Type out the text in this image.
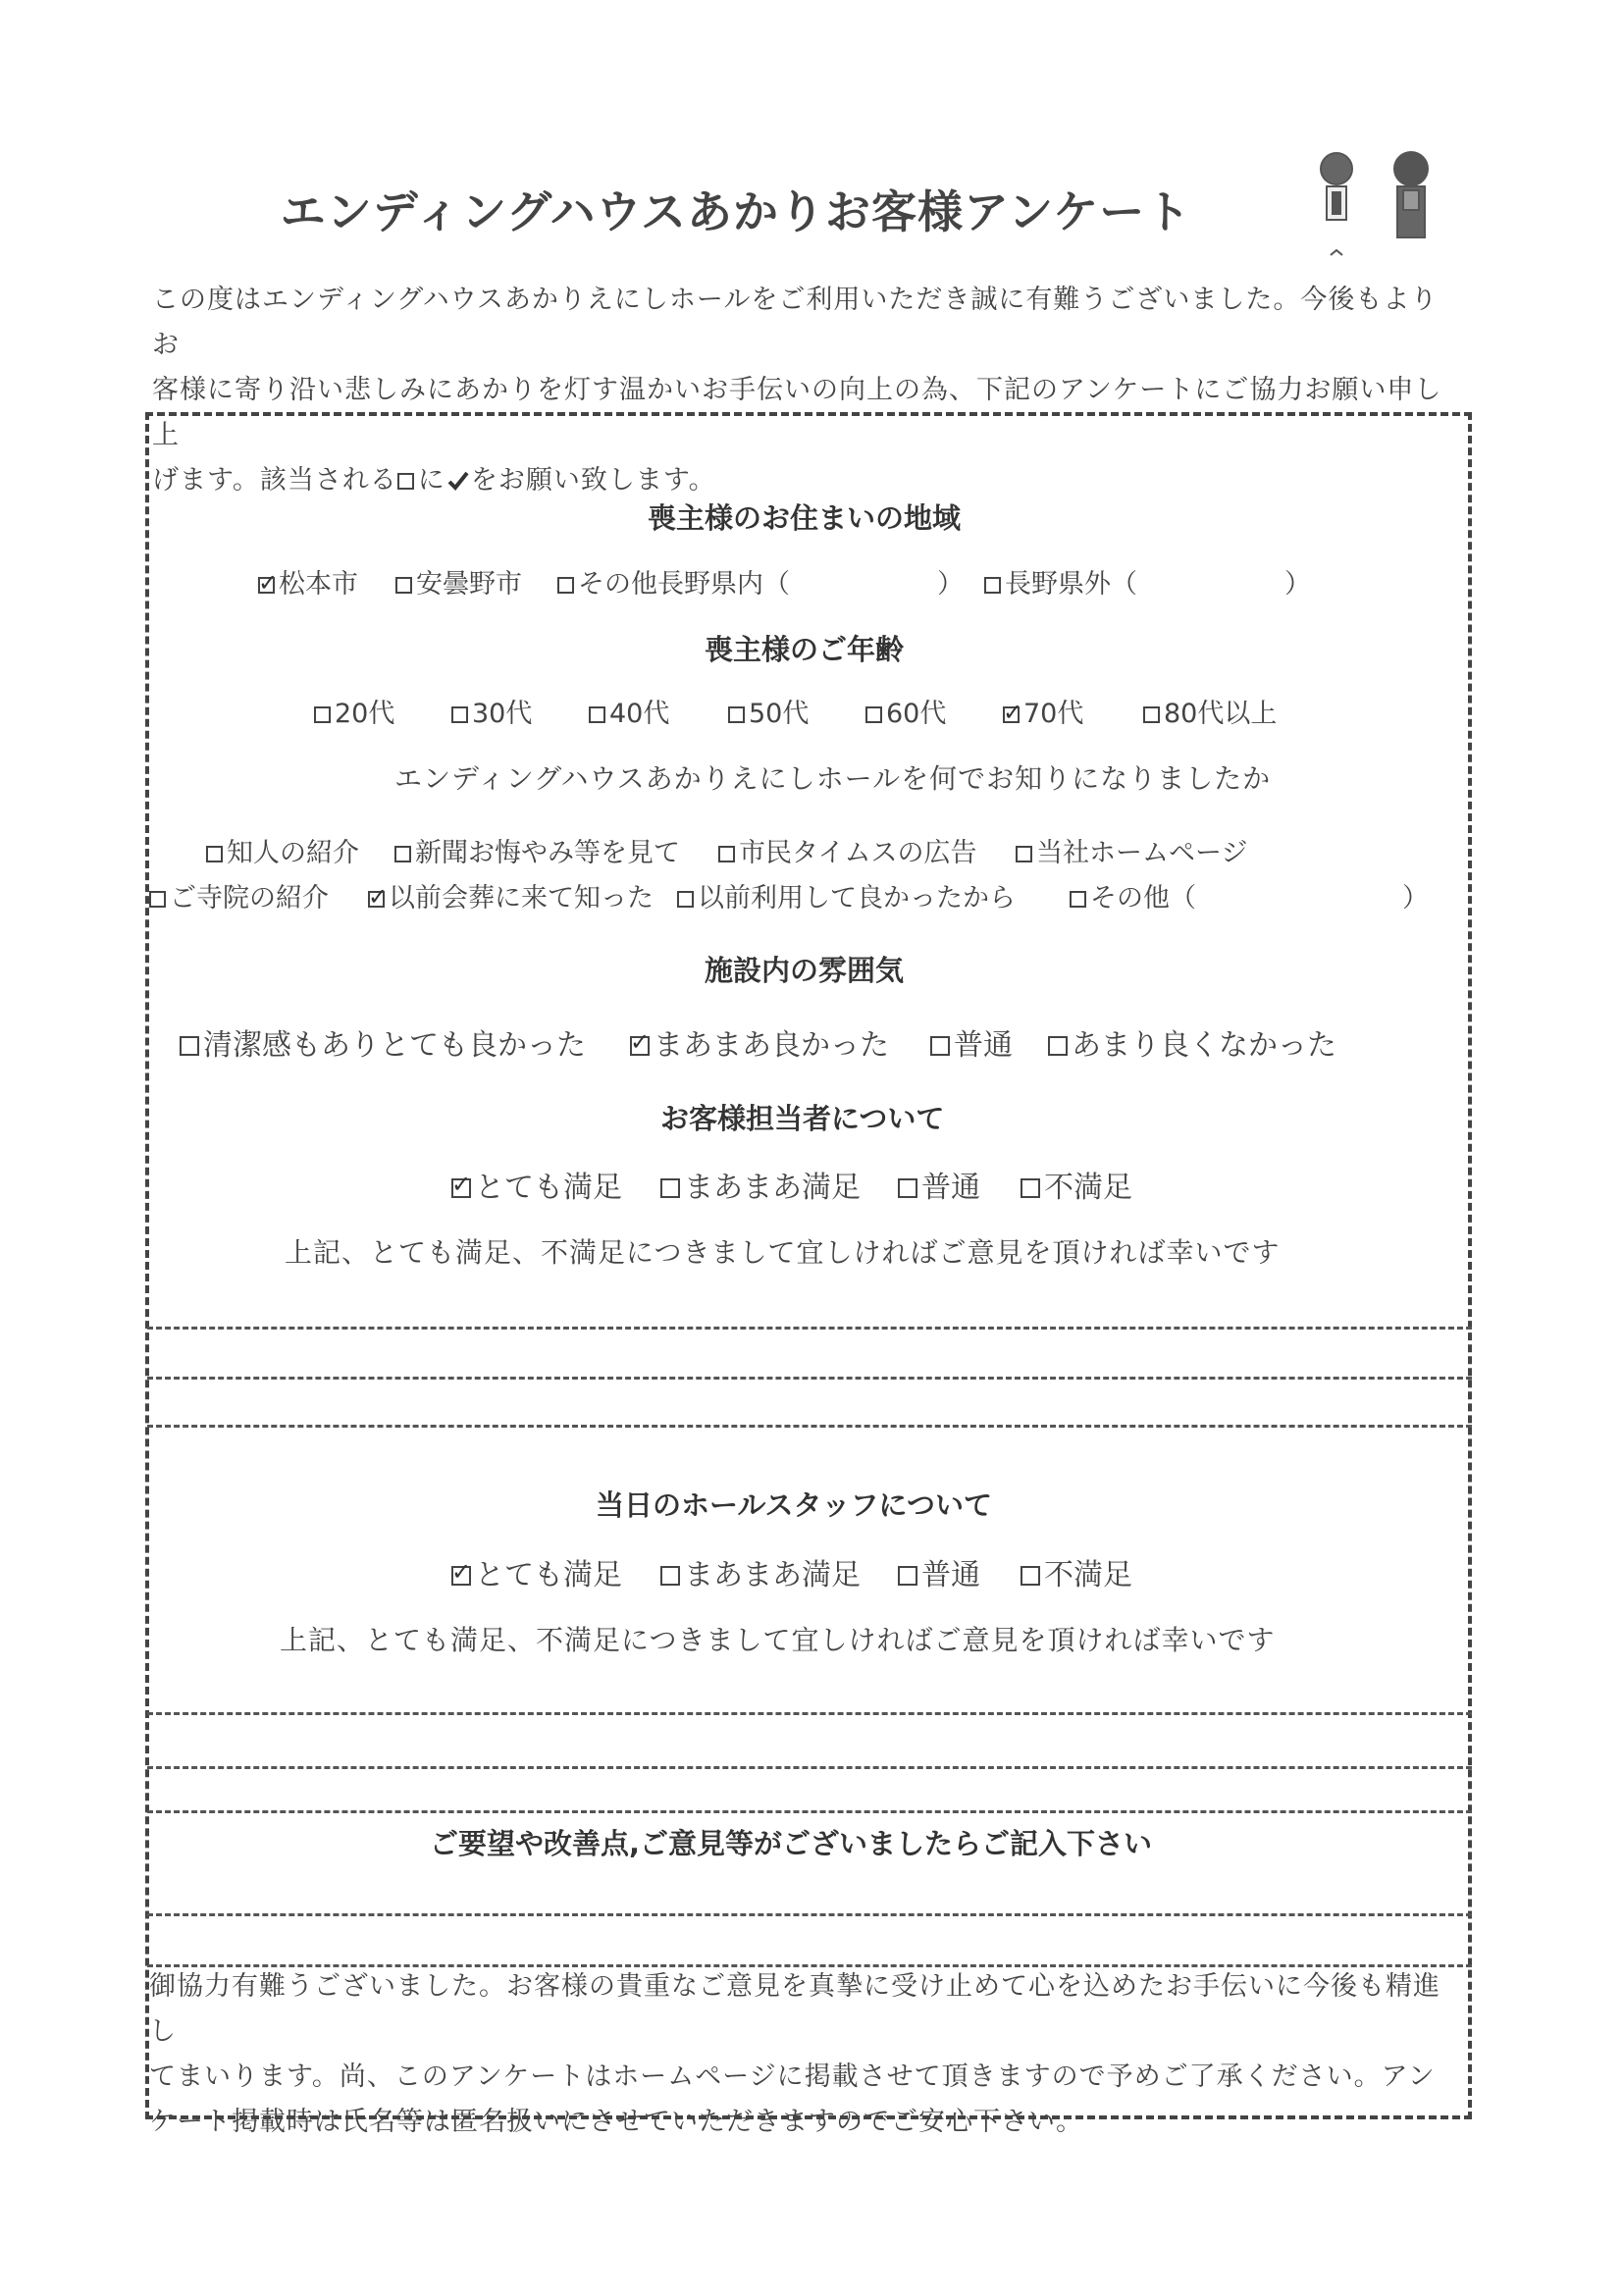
エンディングハウスあかりお客様アンケート
この度はエンディングハウスあかりえにしホールをご利用いただき誠に有難うございました。今後もよりお
客様に寄り沿い悲しみにあかりを灯す温かいお手伝いの向上の為、下記のアンケートにご協力お願い申し上
げます。該当される に をお願い致します。
喪主様のお住まいの地域
✓松本市	安曇野市	その他長野県内（	）	長野県外（	）
喪主様のご年齢
20代	30代	40代	50代	60代 ✓	70代	80代以上
エンディングハウスあかりえにしホールを何でお知りになりましたか
知人の紹介	新聞お悔やみ等を見て	市民タイムスの広告	当社ホームページ
ご寺院の紹介 ✓	以前会葬に来て知った	以前利用して良かったから	その他（	）
施設内の雰囲気
清潔感もありとても良かった ✓	まあまあ良かった	普通	あまり良くなかった
お客様担当者について
✓とても満足	まあまあ満足	普通	不満足
上記、とても満足、不満足につきまして宜しければご意見を頂ければ幸いです
当日のホールスタッフについて
✓とても満足	まあまあ満足	普通	不満足
上記、とても満足、不満足につきまして宜しければご意見を頂ければ幸いです
ご要望や改善点,ご意見等がございましたらご記入下さい
御協力有難うございました。お客様の貴重なご意見を真摯に受け止めて心を込めたお手伝いに今後も精進し
てまいります。尚、このアンケートはホームページに掲載させて頂きますので予めご了承ください。アン
ケート掲載時は氏名等は匿名扱いにさせていただきますのでご安心下さい。
